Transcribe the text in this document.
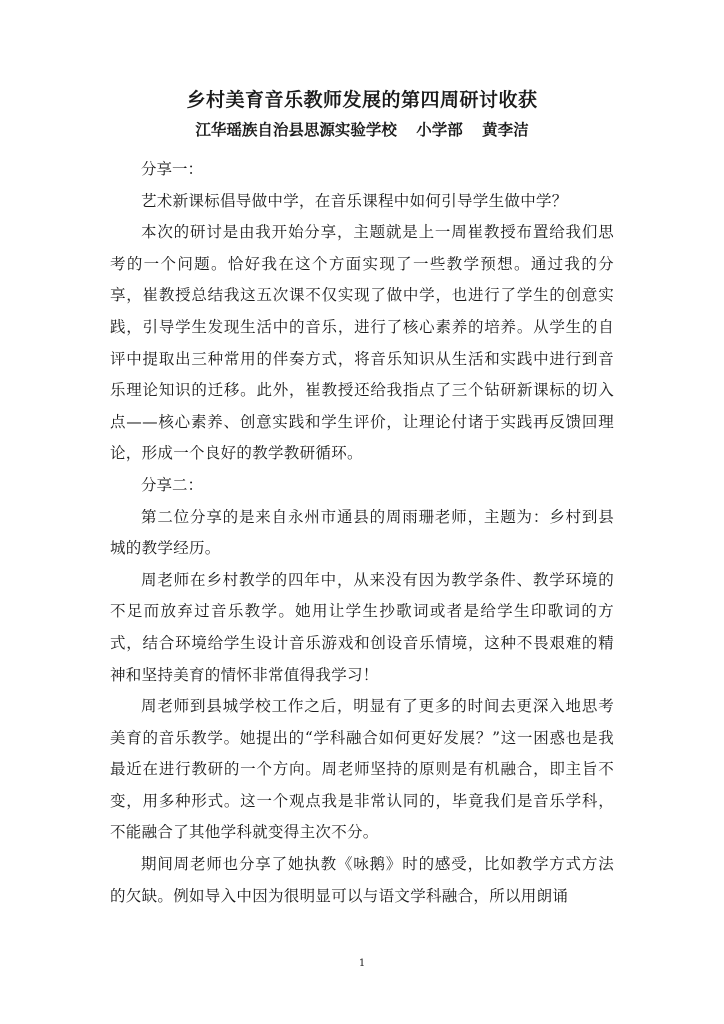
乡村美育音乐教师发展的第四周研讨收获
江华瑶族自治县思源实验学校 小学部 黄李洁
分享一：

艺术新课标倡导做中学，在音乐课程中如何引导学生做中学？

本次的研讨是由我开始分享，主题就是上一周崔教授布置给我们思考的一个问题。恰好我在这个方面实现了一些教学预想。通过我的分享，崔教授总结我这五次课不仅实现了做中学，也进行了学生的创意实践，引导学生发现生活中的音乐，进行了核心素养的培养。从学生的自评中提取出三种常用的伴奏方式，将音乐知识从生活和实践中进行到音乐理论知识的迁移。此外，崔教授还给我指点了三个钻研新课标的切入点——核心素养、创意实践和学生评价，让理论付诸于实践再反馈回理论，形成一个良好的教学教研循环。

分享二：

第二位分享的是来自永州市通县的周雨珊老师，主题为：乡村到县城的教学经历。

周老师在乡村教学的四年中，从来没有因为教学条件、教学环境的不足而放弃过音乐教学。她用让学生抄歌词或者是给学生印歌词的方式，结合环境给学生设计音乐游戏和创设音乐情境，这种不畏艰难的精神和坚持美育的情怀非常值得我学习！

周老师到县城学校工作之后，明显有了更多的时间去更深入地思考美育的音乐教学。她提出的“学科融合如何更好发展？”这一困惑也是我最近在进行教研的一个方向。周老师坚持的原则是有机融合，即主旨不变，用多种形式。这一个观点我是非常认同的，毕竟我们是音乐学科，不能融合了其他学科就变得主次不分。

期间周老师也分享了她执教《咏鹅》时的感受，比如教学方式方法的欠缺。例如导入中因为很明显可以与语文学科融合，所以用朗诵

1
